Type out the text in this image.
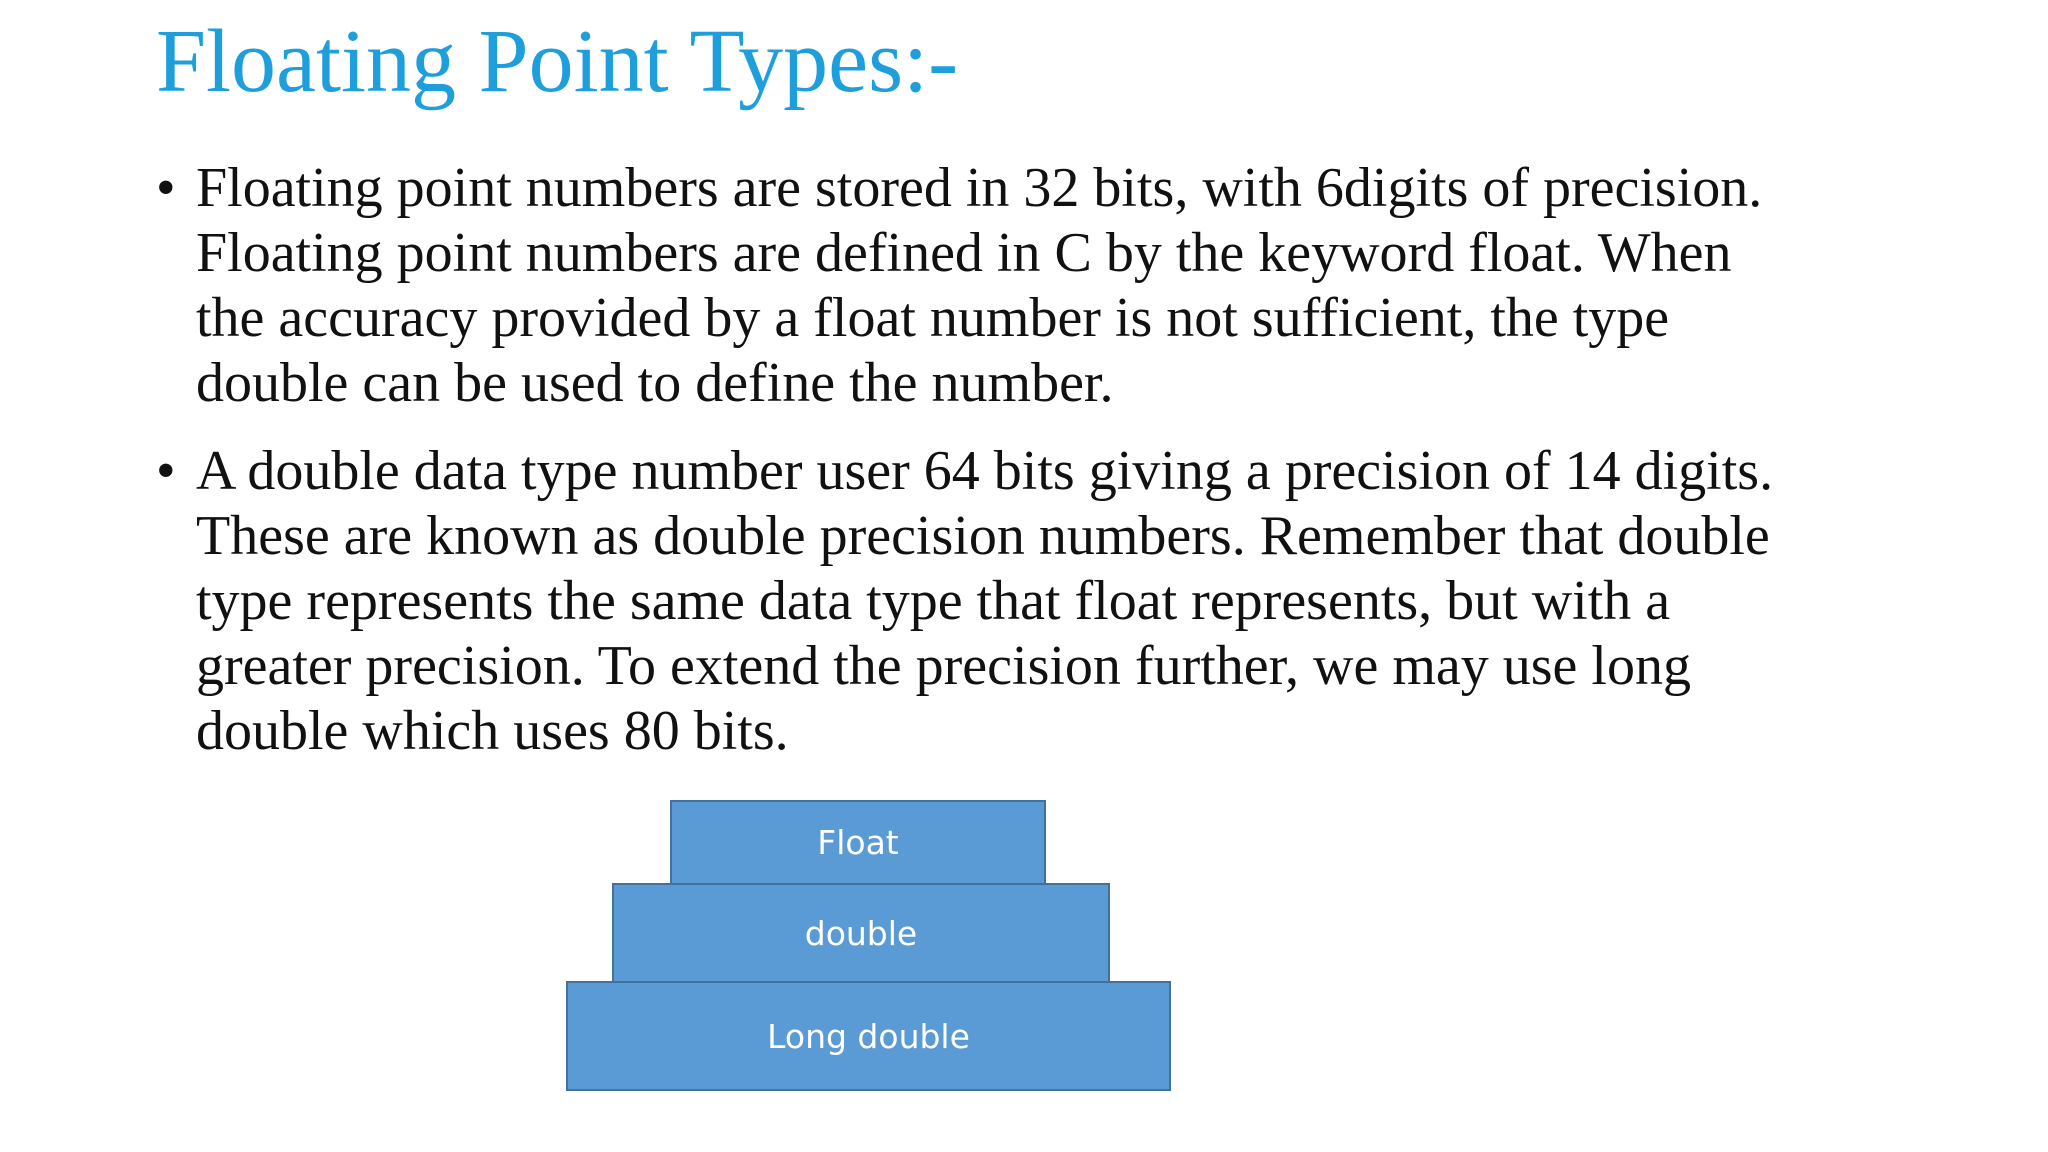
Floating Point Types:-
• Floating point numbers are stored in 32 bits, with 6digits of precision.
Floating point numbers are defined in C by the keyword float. When
the accuracy provided by a float number is not sufficient, the type
double can be used to define the number.
• A double data type number user 64 bits giving a precision of 14 digits.
These are known as double precision numbers. Remember that double
type represents the same data type that float represents, but with a
greater precision. To extend the precision further, we may use long
double which uses 80 bits.
Float
double
Long double
